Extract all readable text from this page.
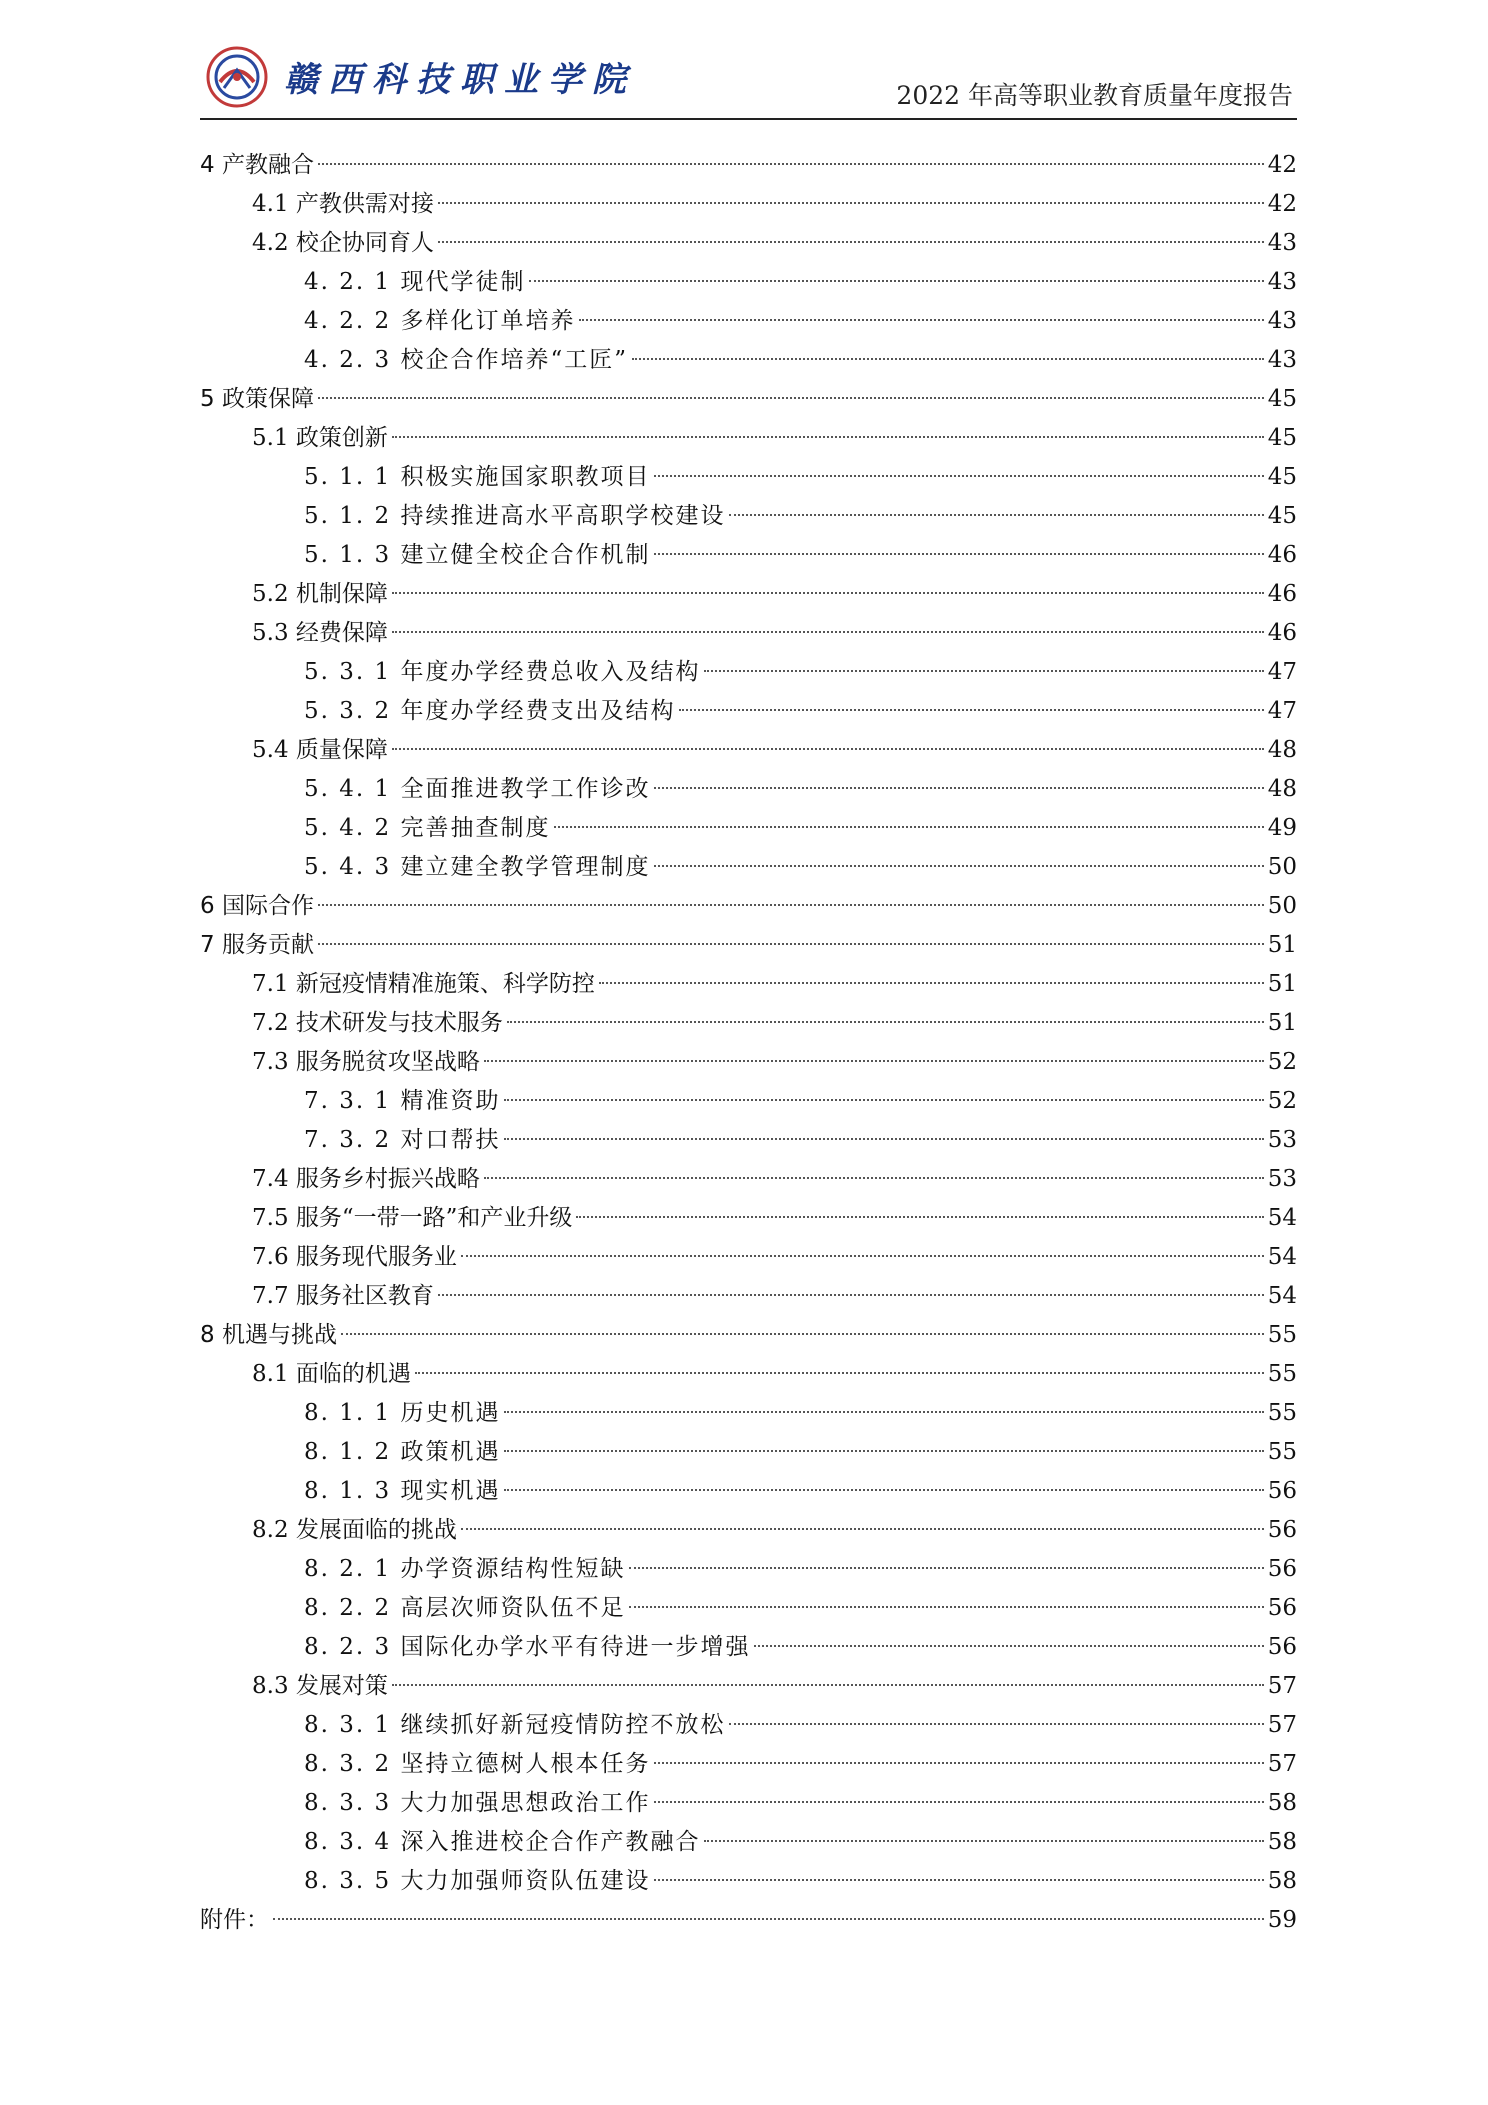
赣西科技职业学院	2022 年高等职业教育质量年度报告
4 产教融合	42
4.1 产教供需对接	42
4.2 校企协同育人	43
4. 2. 1 现代学徒制	43
4. 2. 2 多样化订单培养	43
4. 2. 3 校企合作培养“工匠”	43
5 政策保障	45
5.1 政策创新	45
5. 1. 1 积极实施国家职教项目	45
5. 1. 2 持续推进高水平高职学校建设	45
5. 1. 3 建立健全校企合作机制	46
5.2 机制保障	46
5.3 经费保障	46
5. 3. 1 年度办学经费总收入及结构	47
5. 3. 2 年度办学经费支出及结构	47
5.4 质量保障	48
5. 4. 1 全面推进教学工作诊改	48
5. 4. 2 完善抽查制度	49
5. 4. 3 建立建全教学管理制度	50
6 国际合作	50
7 服务贡献	51
7.1 新冠疫情精准施策、科学防控	51
7.2 技术研发与技术服务	51
7.3 服务脱贫攻坚战略	52
7. 3. 1 精准资助	52
7. 3. 2 对口帮扶	53
7.4 服务乡村振兴战略	53
7.5 服务“一带一路”和产业升级	54
7.6 服务现代服务业	54
7.7 服务社区教育	54
8 机遇与挑战	55
8.1 面临的机遇	55
8. 1. 1 历史机遇	55
8. 1. 2 政策机遇	55
8. 1. 3 现实机遇	56
8.2 发展面临的挑战	56
8. 2. 1 办学资源结构性短缺	56
8. 2. 2 高层次师资队伍不足	56
8. 2. 3 国际化办学水平有待进一步增强	56
8.3 发展对策	57
8. 3. 1 继续抓好新冠疫情防控不放松	57
8. 3. 2 坚持立德树人根本任务	57
8. 3. 3 大力加强思想政治工作	58
8. 3. 4 深入推进校企合作产教融合	58
8. 3. 5 大力加强师资队伍建设	58
附件：	59
